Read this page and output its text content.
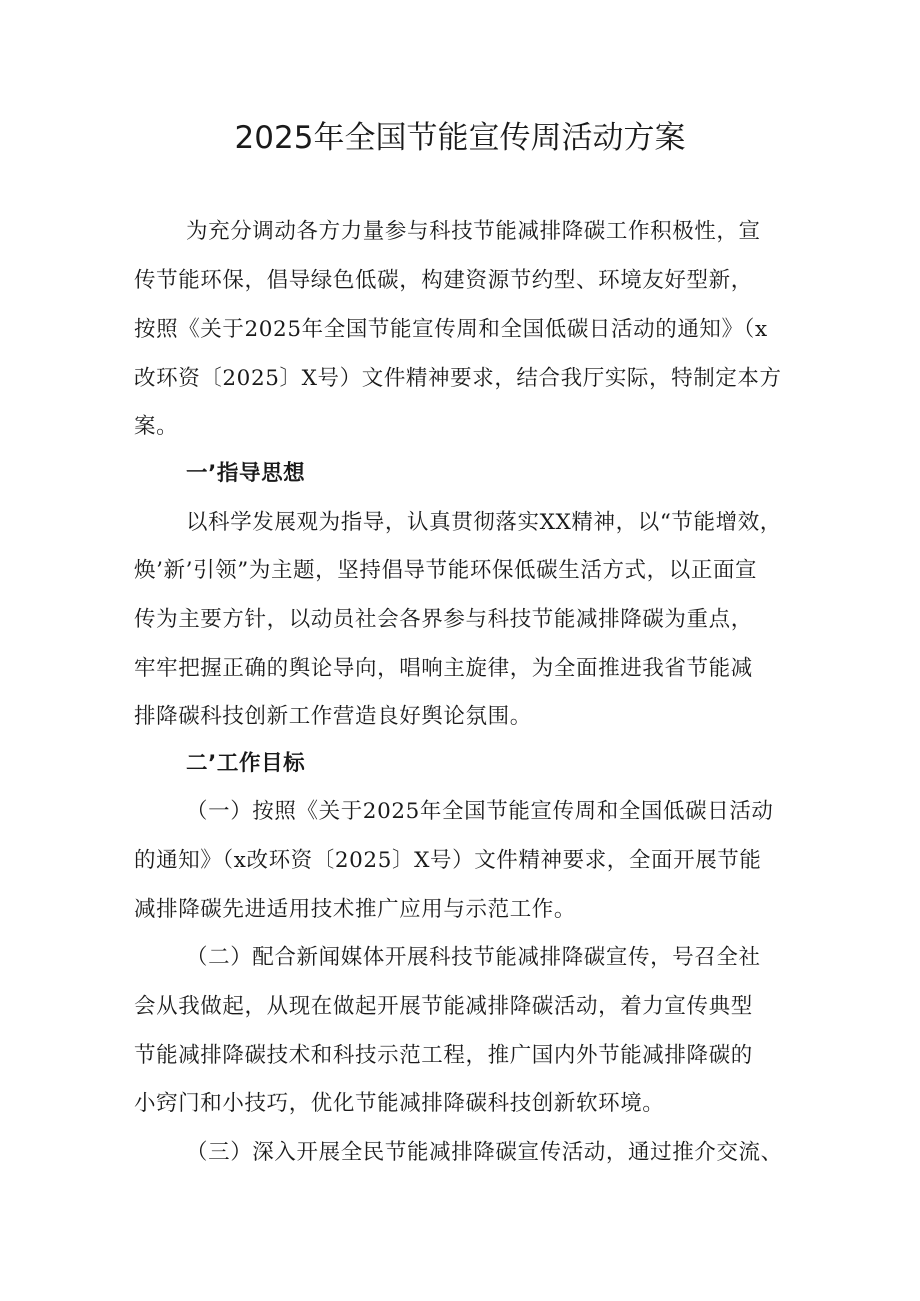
2025年全国节能宣传周活动方案
为充分调动各方力量参与科技节能减排降碳工作积极性，宣
传节能环保，倡导绿色低碳，构建资源节约型、环境友好型新，
按照《关于2025年全国节能宣传周和全国低碳日活动的通知》（x
改环资〔2025〕X号）文件精神要求，结合我厅实际，特制定本方
案。
一’指导思想
以科学发展观为指导，认真贯彻落实XX精神，以“节能增效，
焕’新’引领”为主题，坚持倡导节能环保低碳生活方式，以正面宣
传为主要方针，以动员社会各界参与科技节能减排降碳为重点，
牢牢把握正确的舆论导向，唱响主旋律，为全面推进我省节能减
排降碳科技创新工作营造良好舆论氛围。
二’工作目标
（一）按照《关于2025年全国节能宣传周和全国低碳日活动
的通知》（x改环资〔2025〕X号）文件精神要求，全面开展节能
减排降碳先进适用技术推广应用与示范工作。
（二）配合新闻媒体开展科技节能减排降碳宣传，号召全社
会从我做起，从现在做起开展节能减排降碳活动，着力宣传典型
节能减排降碳技术和科技示范工程，推广国内外节能减排降碳的
小窍门和小技巧，优化节能减排降碳科技创新软环境。
（三）深入开展全民节能减排降碳宣传活动，通过推介交流、
